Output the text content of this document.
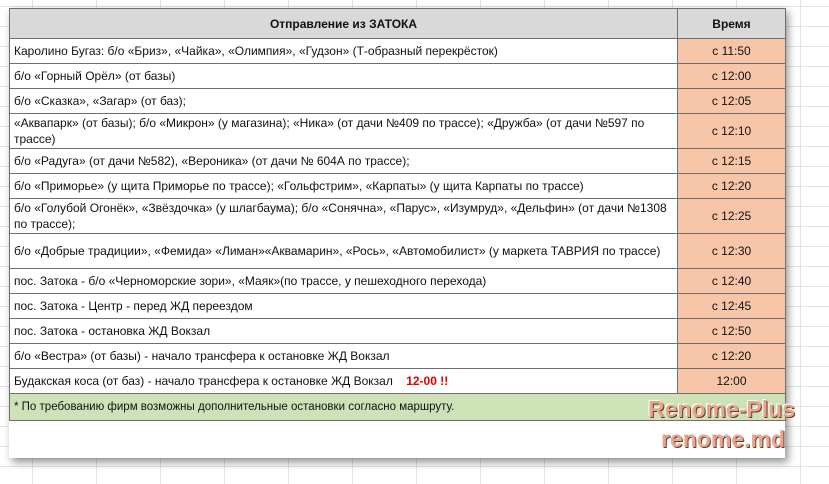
Отправление из ЗАТОКА	Время
Каролино Бугаз: б/о «Бриз», «Чайка», «Олимпия», «Гудзон» (Т-образный перекрёсток)	с 11:50
б/о «Горный Орёл» (от базы)	с 12:00
б/о «Сказка», «Загар» (от баз);	с 12:05
«Аквапарк» (от базы); б/о «Микрон» (у магазина); «Ника» (от дачи №409 по трассе); «Дружба» (от дачи №597 по трассе)	с 12:10
б/о «Радуга» (от дачи №582), «Вероника» (от дачи № 604А по трассе);	с 12:15
б/о «Приморье» (у щита Приморье по трассе); «Гольфстрим», «Карпаты» (у щита Карпаты по трассе)	с 12:20
б/о «Голубой Огонёк», «Звёздочка» (у шлагбаума); б/о «Сонячна», «Парус», «Изумруд», «Дельфин» (от дачи №1308 по трассе);	с 12:25
б/о «Добрые традиции», «Фемида» «Лиман»«Аквамарин», «Рось», «Автомобилист» (у маркета ТАВРИЯ по трассе)	с 12:30
пос. Затока - б/о «Черноморские зори», «Маяк»(по трассе, у пешеходного перехода)	с 12:40
пос. Затока - Центр - перед ЖД переездом	с 12:45
пос. Затока - остановка ЖД Вокзал	с 12:50
б/о «Вестра» (от базы) - начало трансфера к остановке ЖД Вокзал	с 12:20
Будакская коса (от баз) - начало трансфера к остановке ЖД Вокзал 12-00 !!	12:00
* По требованию фирм возможны дополнительные остановки согласно маршруту.		Renome-Plus
renome.md
